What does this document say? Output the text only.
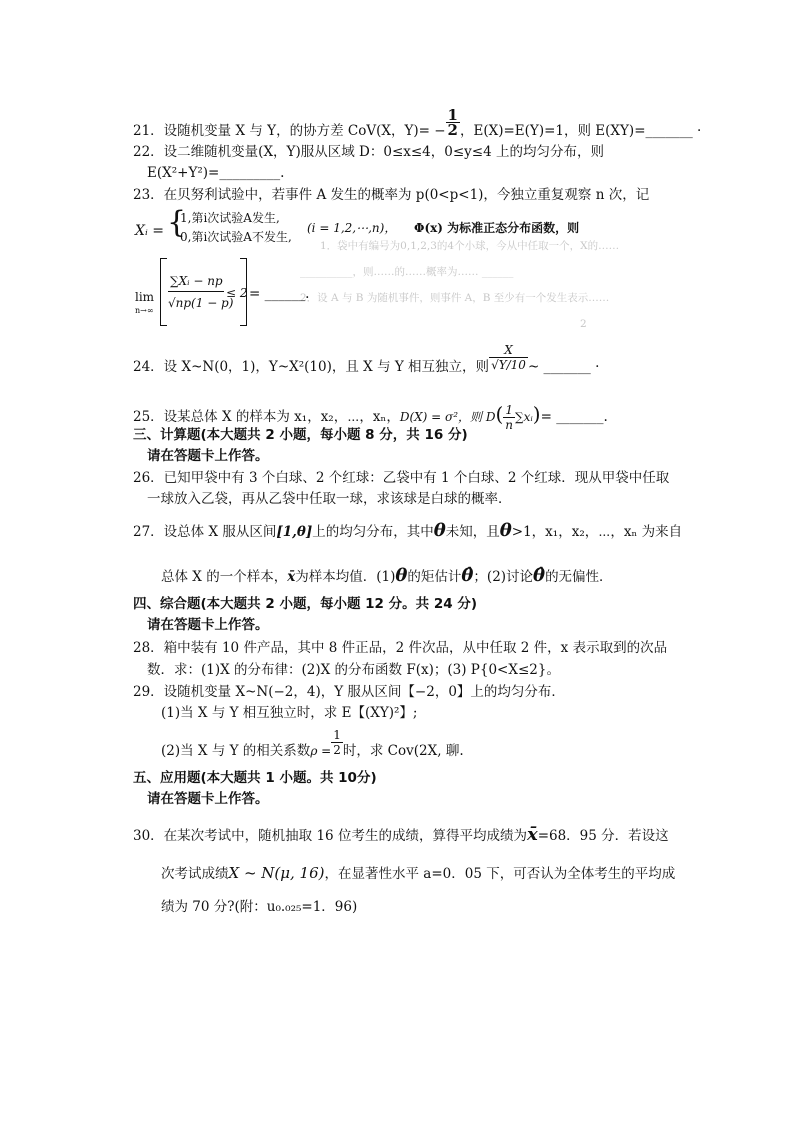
21．设随机变量 X 与 Y，的协方差 CoV(X，$Y)= - \frac{1}{2}$ ，E(X)=E(Y)=1，则 E(XY)=_______ ·
22．设二维随机变量(X，Y)服从区域 D：0≤x≤4，0≤y≤4 上的均匀分布，则
E(X²+Y²)=_________.
23．在贝努利试验中，若事件 A 发生的概率为 p(0<p<1)，今独立重复观察 n 次，记
Xᵢ = {
1,第i次试验A发生,
0,第i次试验A不发生,
(i = 1,2,⋯,n)， Φ(x) 为标准正态分布函数，则
1．袋中有编号为0,1,2,3的4个小球，今从中任取一个，X的……
__________，则……的……概率为…… ______
2．设 A 与 B 为随机事件，则事件 A，B 至少有一个发生表示……
2
lim
n→∞
∑Xᵢ − np
√np(1 − p)
≤ 2 = ______.
24．设 X~N(0，1)，Y~X²(10)，且 X 与 Y 相互独立，则 $\frac{X}{√Y/10}$ ~ _______ ·
25．设某总体 X 的样本为 x₁，x₂，⋯，xₙ，D(X) = σ²，则 $D( \frac{1}{n}$ ∑xᵢ)= _______.
三、计算题(本大题共 2 小题，每小题 8 分，共 16 分)
请在答题卡上作答。
26．已知甲袋中有 3 个白球、2 个红球：乙袋中有 1 个白球、2 个红球．现从甲袋中任取
一球放入乙袋，再从乙袋中任取一球，求该球是白球的概率．
27．设总体 X 服从区间[1,θ]上的均匀分布，其中θ未知，且θ>1，x₁，x₂，⋯，xₙ 为来自
总体 X 的一个样本，x̄为样本均值．(1)θ的矩估计θ̂；(2)讨论θ̂的无偏性．
四、综合题(本大题共 2 小题，每小题 12 分。共 24 分)
请在答题卡上作答。
28．箱中装有 10 件产品，其中 8 件正品，2 件次品，从中任取 2 件，x 表示取到的次品
数．求：(1)X 的分布律：(2)X 的分布函数 F(x)；(3) P{0<X≤2}。
29．设随机变量 X~N(−2，4)，Y 服从区间【−2，0】上的均匀分布．
(1)当 X 与 Y 相互独立时，求 E【(XY)²】;
(2)当 X 与 Y 的相关系数$\rho = \frac{1}{2}$ 时，求 Cov(2X, 聊.
五、应用题(本大题共 1 小题。共 10分)
请在答题卡上作答。
30．在某次考试中，随机抽取 16 位考生的成绩，算得平均成绩为x̄=68．95 分．若设这
次考试成绩X ~ N(μ, 16)，在显著性水平 a=0．05 下，可否认为全体考生的平均成
绩为 70 分?(附：u₀.₀₂₅=1．96)
